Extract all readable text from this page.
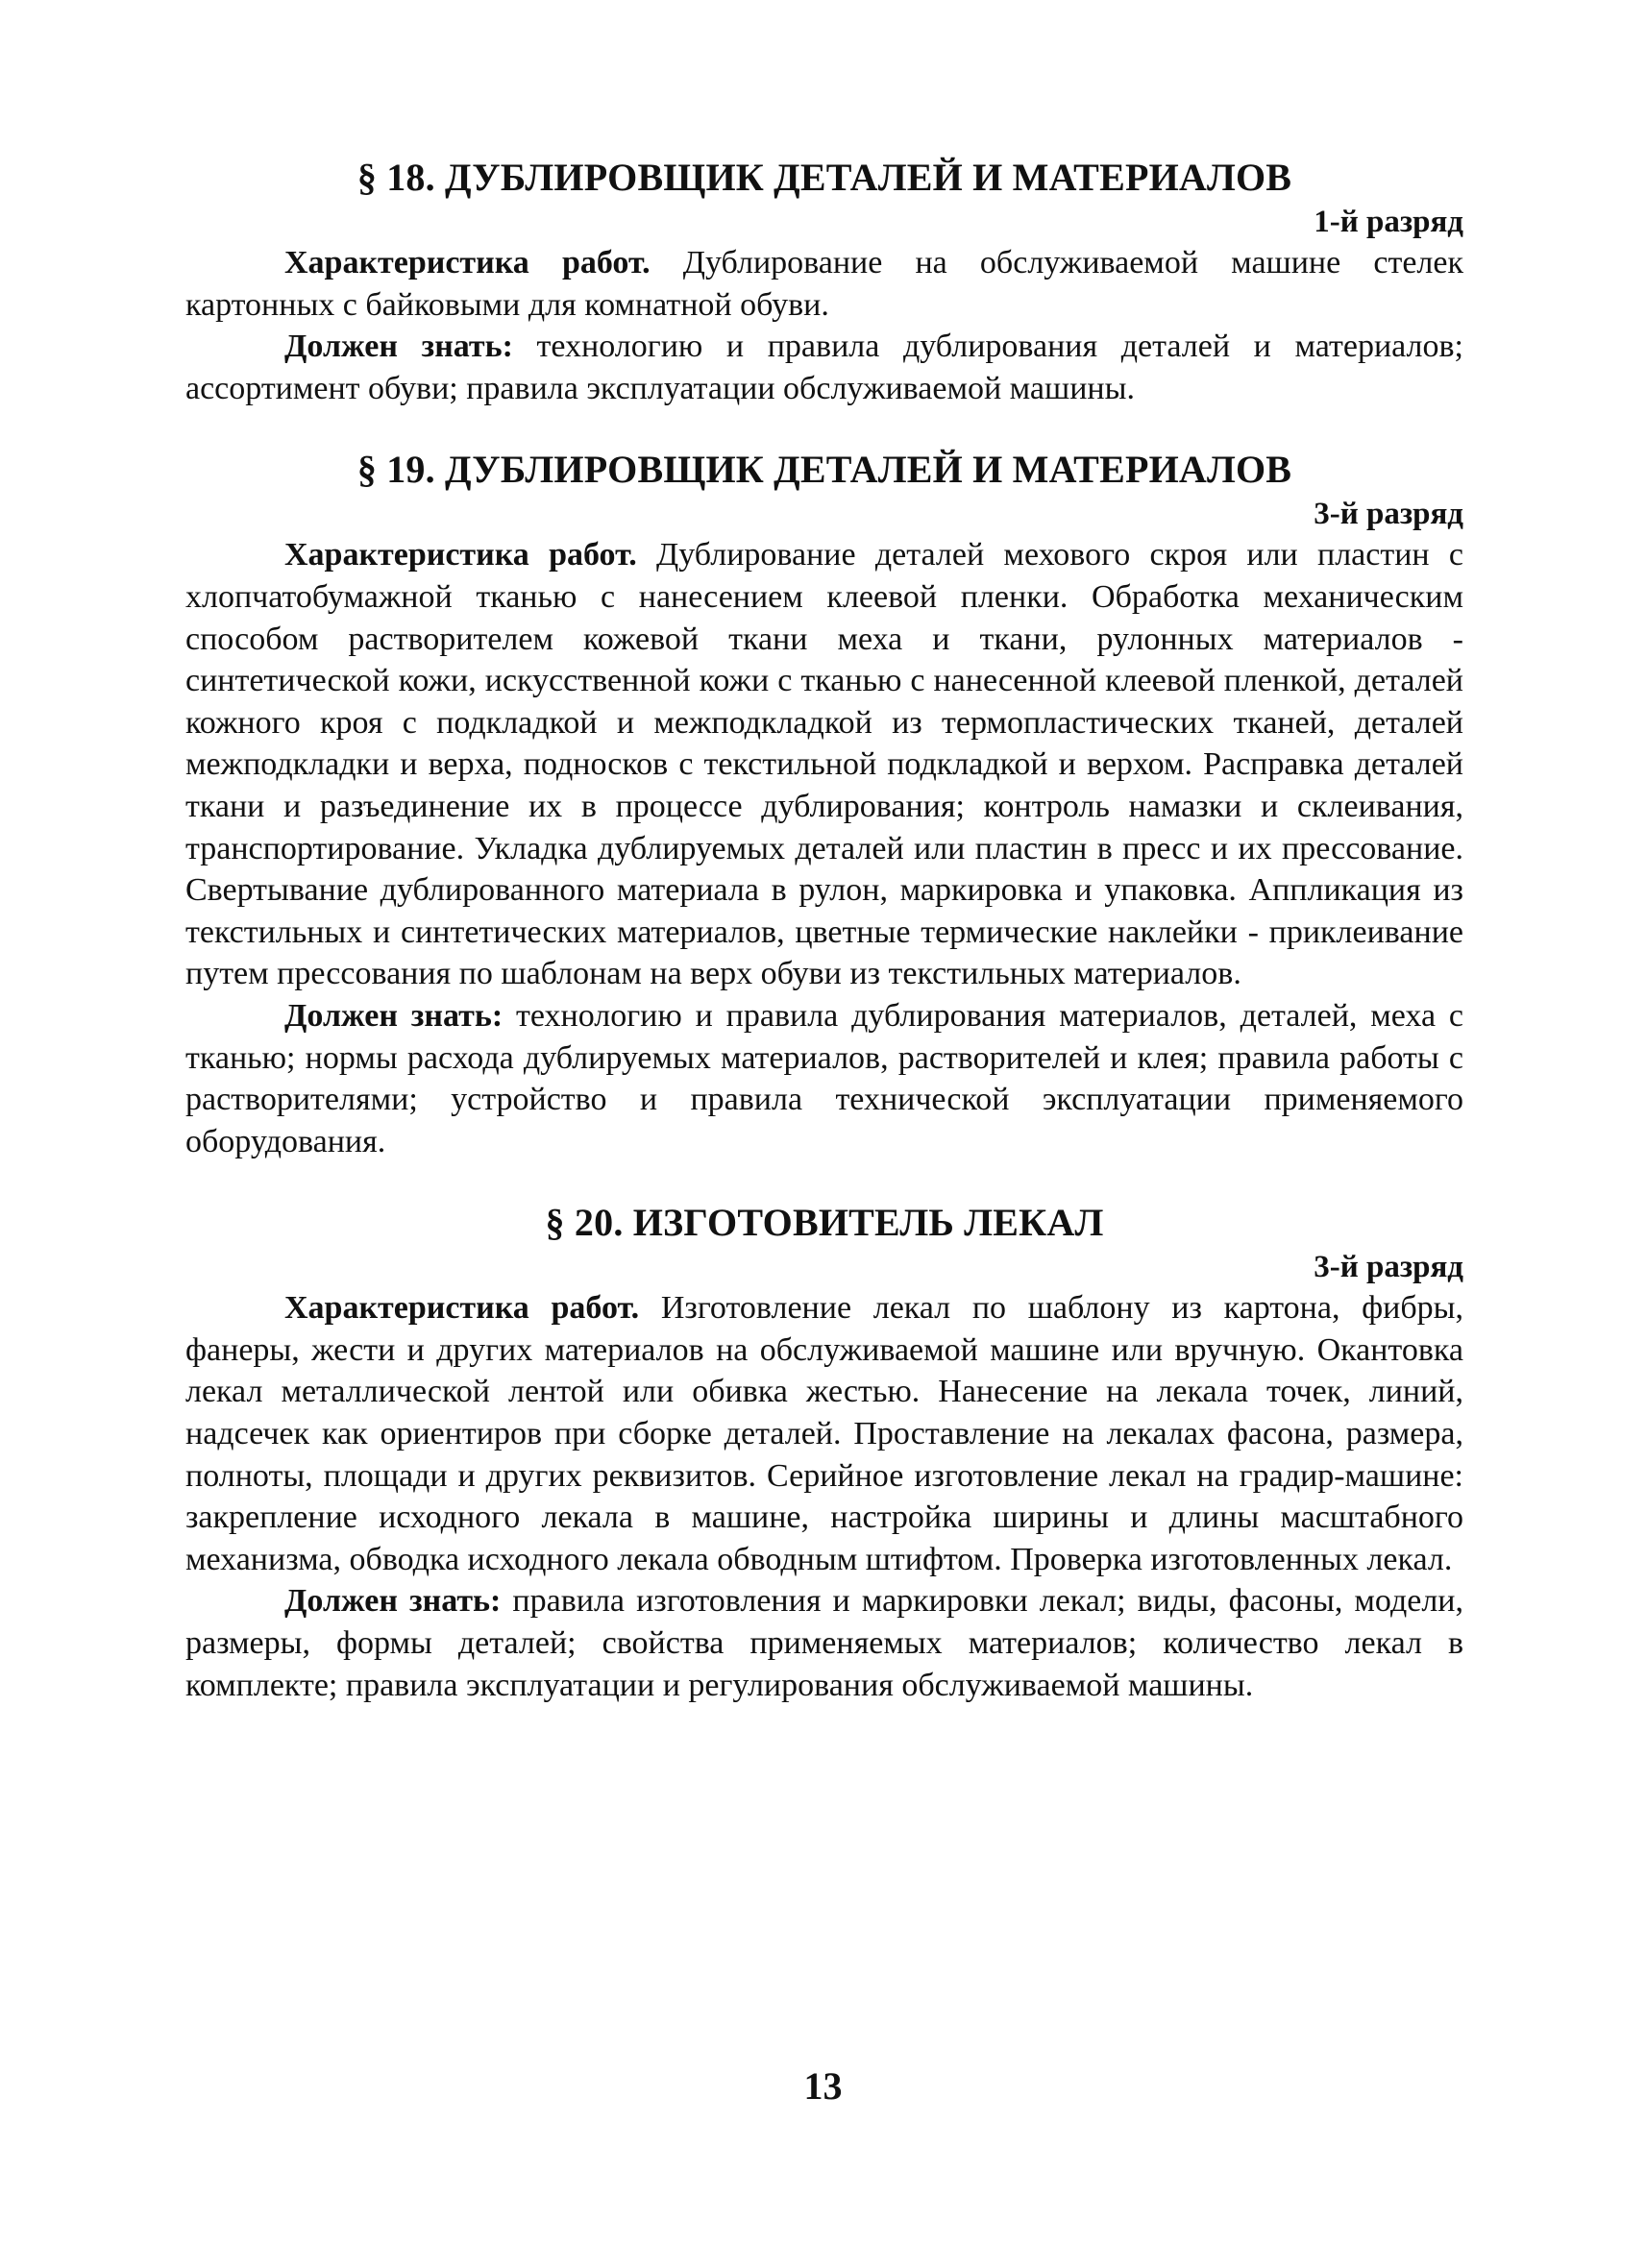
§ 18. ДУБЛИРОВЩИК ДЕТАЛЕЙ И МАТЕРИАЛОВ
1-й разряд

Характеристика работ. Дублирование на обслуживаемой машине стелек картонных с байковыми для комнатной обуви.

Должен знать: технологию и правила дублирования деталей и материалов; ассортимент обуви; правила эксплуатации обслуживаемой машины.

§ 19. ДУБЛИРОВЩИК ДЕТАЛЕЙ И МАТЕРИАЛОВ
3-й разряд

Характеристика работ. Дублирование деталей мехового скроя или пластин с хлопчатобумажной тканью с нанесением клеевой пленки. Обработка механическим способом растворителем кожевой ткани меха и ткани, рулонных материалов - синтетической кожи, искусственной кожи с тканью с нанесенной клеевой пленкой, деталей кожного кроя с подкладкой и межподкладкой из термопластических тканей, деталей межподкладки и верха, подносков с текстильной подкладкой и верхом. Расправка деталей ткани и разъединение их в процессе дублирования; контроль намазки и склеивания, транспортирование. Укладка дублируемых деталей или пластин в пресс и их прессование. Свертывание дублированного материала в рулон, маркировка и упаковка. Аппликация из текстильных и синтетических материалов, цветные термические наклейки - приклеивание путем прессования по шаблонам на верх обуви из текстильных материалов.

Должен знать: технологию и правила дублирования материалов, деталей, меха с тканью; нормы расхода дублируемых материалов, растворителей и клея; правила работы с растворителями; устройство и правила технической эксплуатации применяемого оборудования.

§ 20. ИЗГОТОВИТЕЛЬ ЛЕКАЛ
3-й разряд

Характеристика работ. Изготовление лекал по шаблону из картона, фибры, фанеры, жести и других материалов на обслуживаемой машине или вручную. Окантовка лекал металлической лентой или обивка жестью. Нанесение на лекала точек, линий, надсечек как ориентиров при сборке деталей. Проставление на лекалах фасона, размера, полноты, площади и других реквизитов. Серийное изготовление лекал на градир-машине: закрепление исходного лекала в машине, настройка ширины и длины масштабного механизма, обводка исходного лекала обводным штифтом. Проверка изготовленных лекал.

Должен знать: правила изготовления и маркировки лекал; виды, фасоны, модели, размеры, формы деталей; свойства применяемых материалов; количество лекал в комплекте; правила эксплуатации и регулирования обслуживаемой машины.

13
